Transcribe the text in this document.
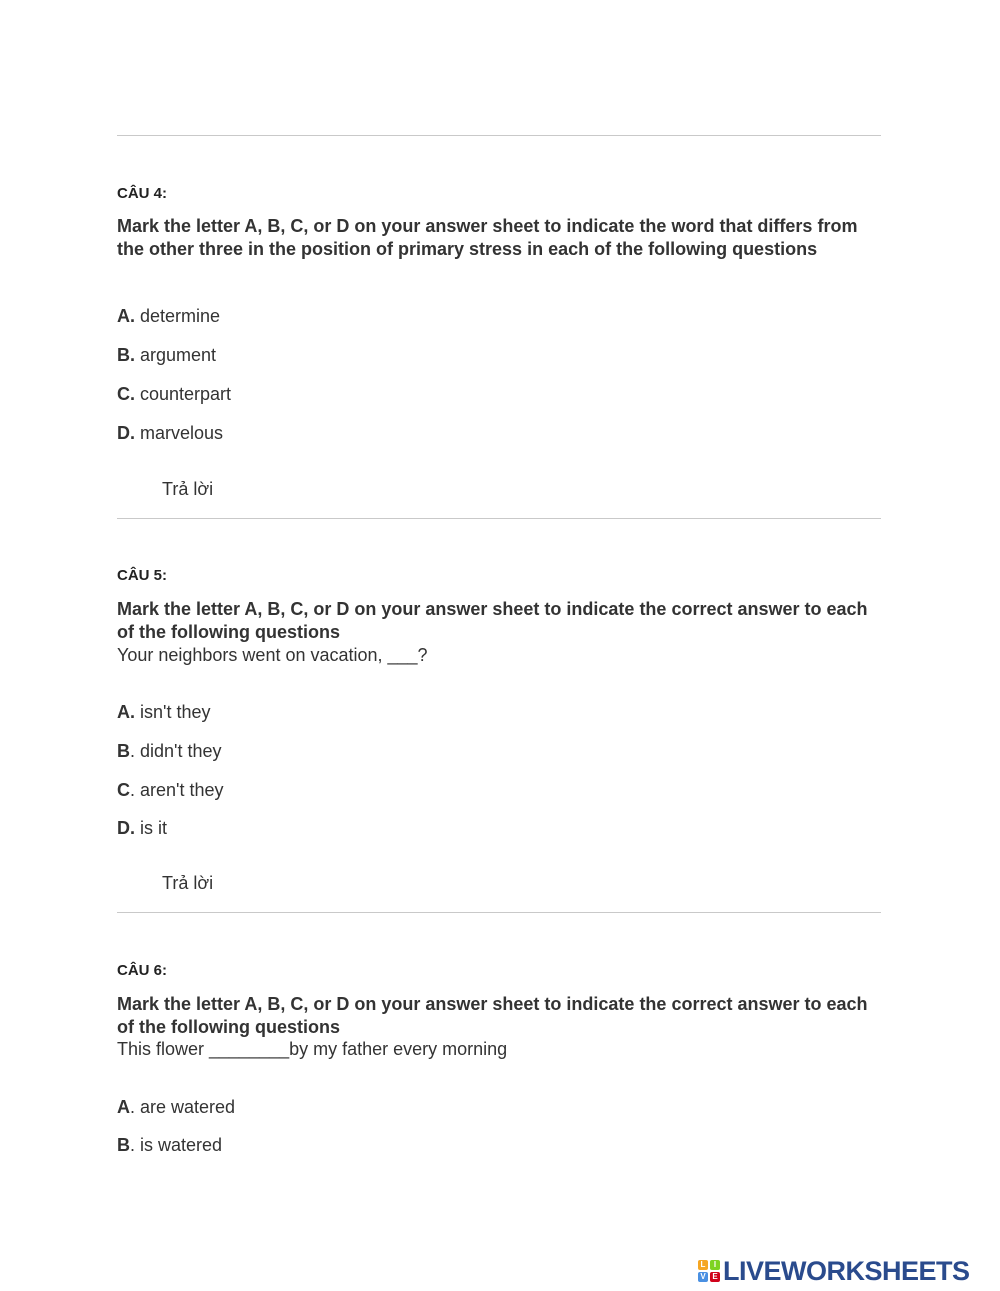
CÂU 4:
Mark the letter A, B, C, or D on your answer sheet to indicate the word that differs from the other three in the position of primary stress in each of the following questions
A. determine
B. argument
C. counterpart
D. marvelous
Trả lời
CÂU 5:
Mark the letter A, B, C, or D on your answer sheet to indicate the correct answer to each of the following questions
Your neighbors went on vacation, ___?
A. isn't they
B. didn't they
C. aren't they
D. is it
Trả lời
CÂU 6:
Mark the letter A, B, C, or D on your answer sheet to indicate the correct answer to each of the following questions
This flower ________by my father every morning
A. are watered
B. is watered
L	I
V E LIVEWORKSHEETS
